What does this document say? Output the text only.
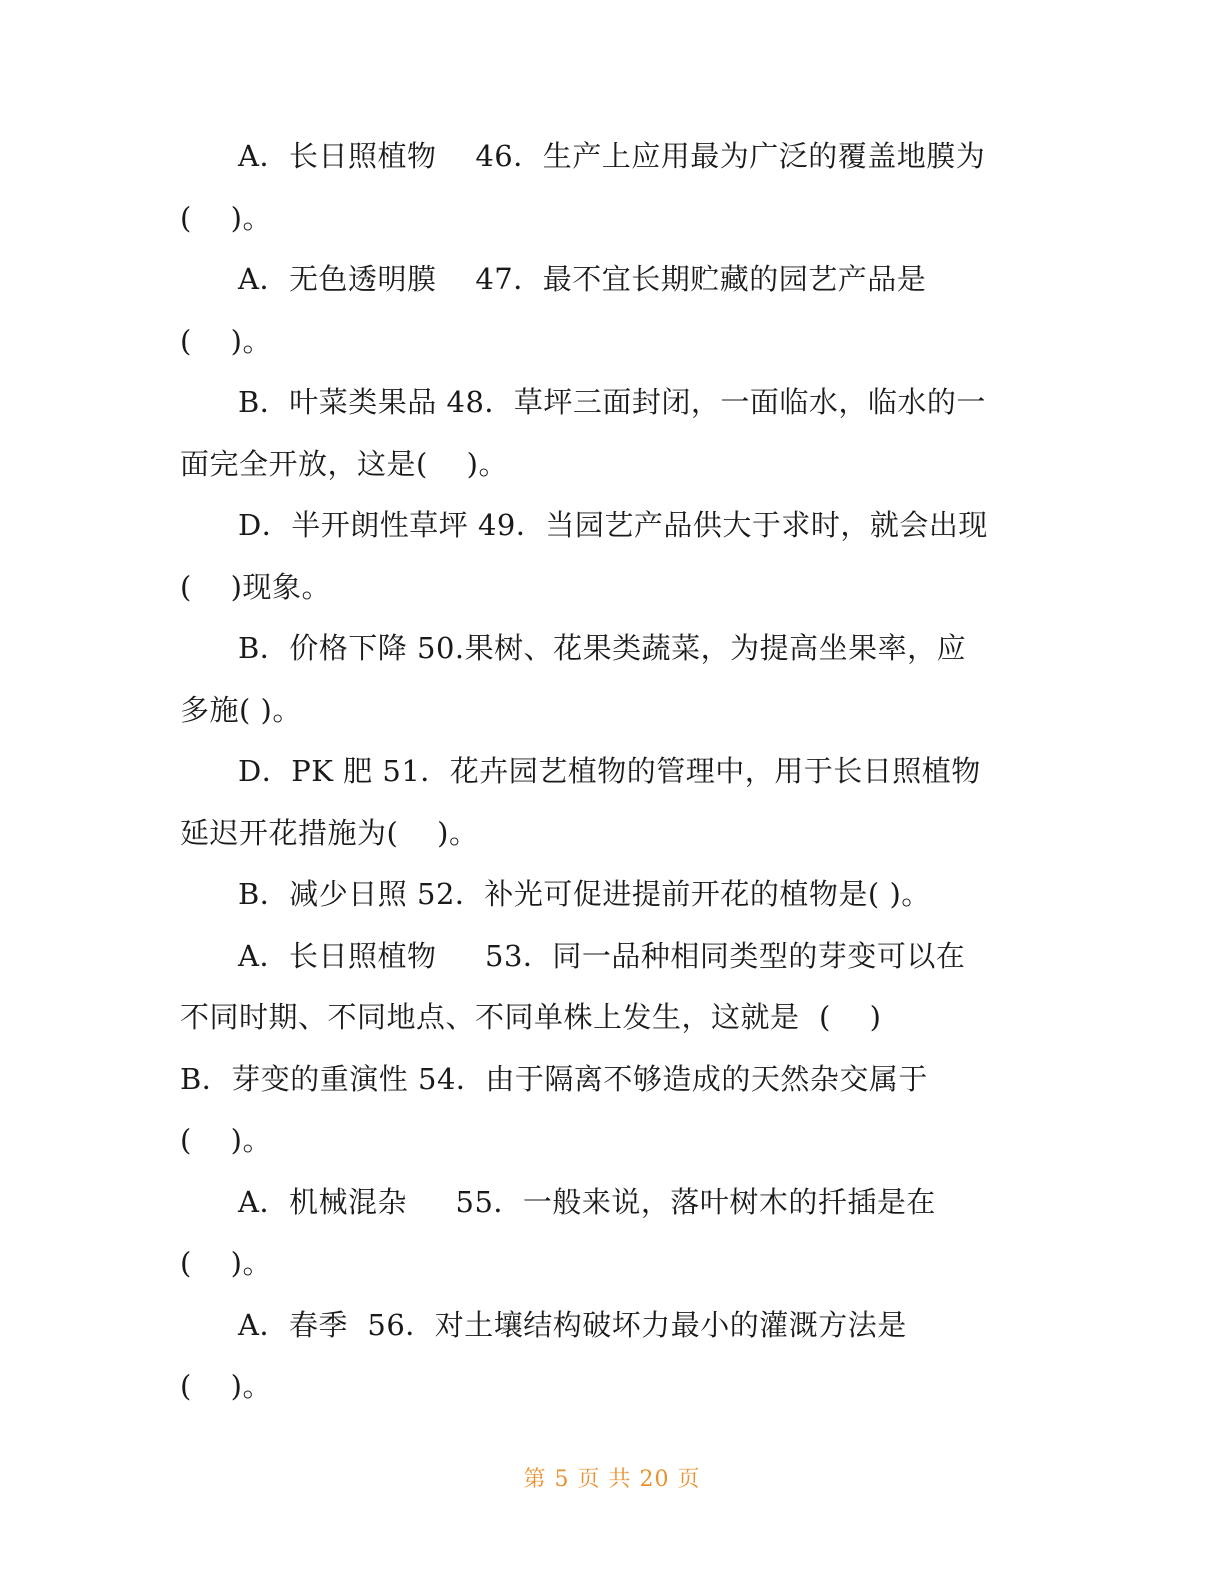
A．长日照植物    46．生产上应用最为广泛的覆盖地膜为
(    )。
A．无色透明膜    47．最不宜长期贮藏的园艺产品是
(    )。
B．叶菜类果品 48．草坪三面封闭，一面临水，临水的一
面完全开放，这是(    )。
D．半开朗性草坪 49．当园艺产品供大于求时，就会出现
(    )现象。
B．价格下降 50.果树、花果类蔬菜，为提高坐果率，应
多施( )。
D．PK 肥 51．花卉园艺植物的管理中，用于长日照植物
延迟开花措施为(    )。
B．减少日照 52．补光可促进提前开花的植物是( )。
A．长日照植物     53．同一品种相同类型的芽变可以在
不同时期、不同地点、不同单株上发生，这就是  (    )
B．芽变的重演性 54．由于隔离不够造成的天然杂交属于
(    )。
A．机械混杂     55．一般来说，落叶树木的扦插是在
(    )。
A．春季  56．对土壤结构破坏力最小的灌溉方法是
(    )。
第 5 页 共 20 页
